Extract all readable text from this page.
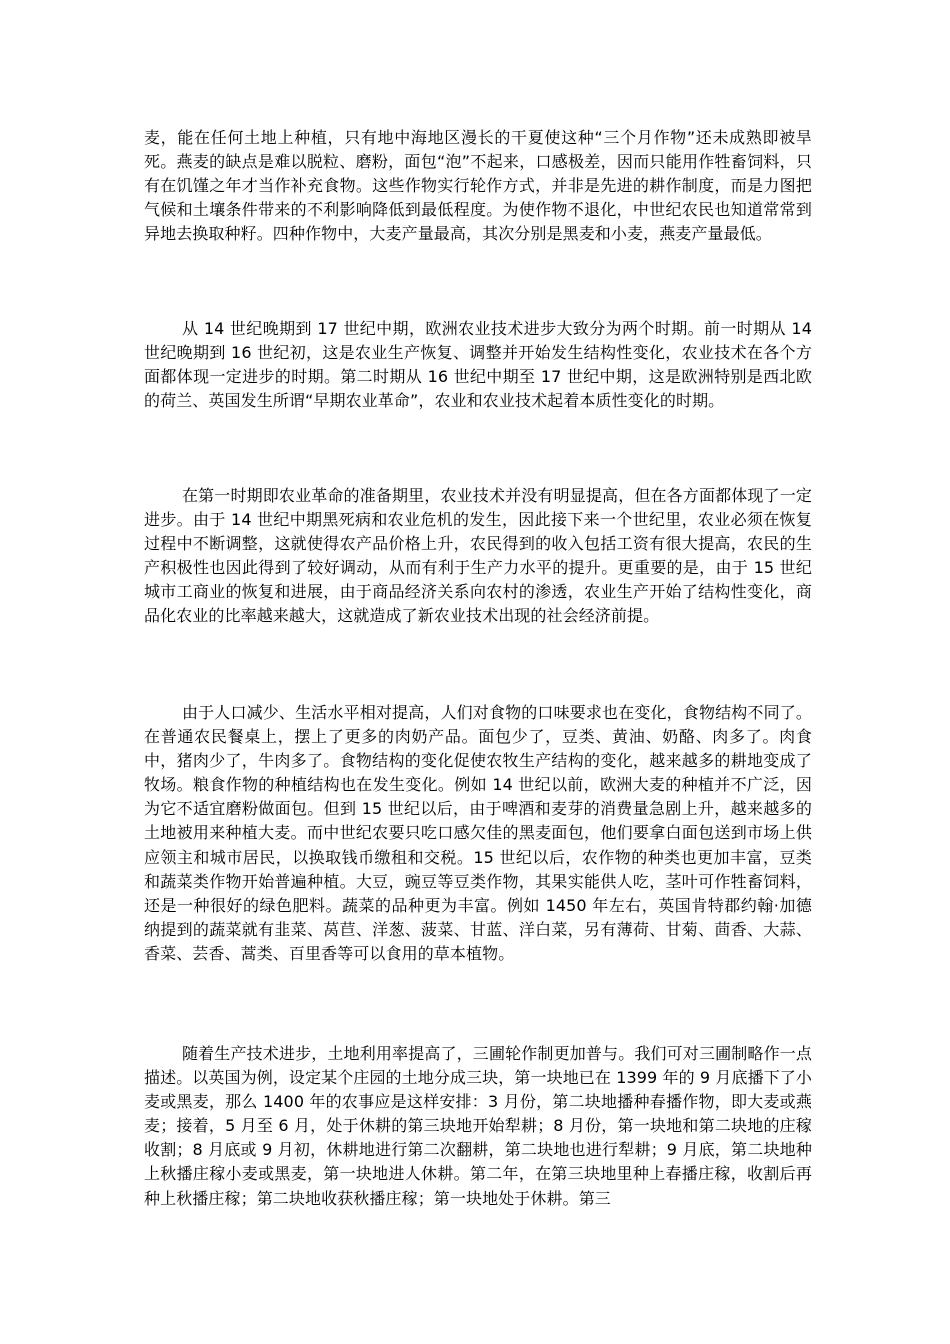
麦，能在任何土地上种植，只有地中海地区漫长的干夏使这种“三个月作物”还未成熟即被旱死。燕麦的缺点是难以脱粒、磨粉，面包“泡”不起来，口感极差，因而只能用作牲畜饲料，只有在饥馑之年才当作补充食物。这些作物实行轮作方式，并非是先进的耕作制度，而是力图把气候和土壤条件带来的不利影响降低到最低程度。为使作物不退化，中世纪农民也知道常常到异地去换取种籽。四种作物中，大麦产量最高，其次分别是黑麦和小麦，燕麦产量最低。

从 14 世纪晚期到 17 世纪中期，欧洲农业技术进步大致分为两个时期。前一时期从 14 世纪晚期到 16 世纪初，这是农业生产恢复、调整并开始发生结构性变化，农业技术在各个方面都体现一定进步的时期。第二时期从 16 世纪中期至 17 世纪中期，这是欧洲特别是西北欧的荷兰、英国发生所谓“早期农业革命”，农业和农业技术起着本质性变化的时期。

在第一时期即农业革命的准备期里，农业技术并没有明显提高，但在各方面都体现了一定进步。由于 14 世纪中期黑死病和农业危机的发生，因此接下来一个世纪里，农业必须在恢复过程中不断调整，这就使得农产品价格上升，农民得到的收入包括工资有很大提高，农民的生产积极性也因此得到了较好调动，从而有利于生产力水平的提升。更重要的是，由于 15 世纪城市工商业的恢复和进展，由于商品经济关系向农村的渗透，农业生产开始了结构性变化，商品化农业的比率越来越大，这就造成了新农业技术出现的社会经济前提。

由于人口减少、生活水平相对提高，人们对食物的口味要求也在变化，食物结构不同了。在普通农民餐桌上，摆上了更多的肉奶产品。面包少了，豆类、黄油、奶酪、肉多了。肉食中，猪肉少了，牛肉多了。食物结构的变化促使农牧生产结构的变化，越来越多的耕地变成了牧场。粮食作物的种植结构也在发生变化。例如 14 世纪以前，欧洲大麦的种植并不广泛，因为它不适宜磨粉做面包。但到 15 世纪以后，由于啤酒和麦芽的消费量急剧上升，越来越多的土地被用来种植大麦。而中世纪农要只吃口感欠佳的黑麦面包，他们要拿白面包送到市场上供应领主和城市居民，以换取钱币缴租和交税。15 世纪以后，农作物的种类也更加丰富，豆类和蔬菜类作物开始普遍种植。大豆，豌豆等豆类作物，其果实能供人吃，茎叶可作牲畜饲料，还是一种很好的绿色肥料。蔬菜的品种更为丰富。例如 1450 年左右，英国肯特郡约翰·加德纳提到的蔬菜就有韭菜、莴苣、洋葱、菠菜、甘蓝、洋白菜，另有薄荷、甘菊、茴香、大蒜、香菜、芸香、蒿类、百里香等可以食用的草本植物。

随着生产技术进步，土地利用率提高了，三圃轮作制更加普与。我们可对三圃制略作一点描述。以英国为例，设定某个庄园的土地分成三块，第一块地已在 1399 年的 9 月底播下了小麦或黑麦，那么 1400 年的农事应是这样安排：3 月份，第二块地播种春播作物，即大麦或燕麦；接着，5 月至 6 月，处于休耕的第三块地开始犁耕；8 月份，第一块地和第二块地的庄稼收割；8 月底或 9 月初，休耕地进行第二次翻耕，第二块地也进行犁耕；9 月底，第二块地种上秋播庄稼小麦或黑麦，第一块地进人休耕。第二年，在第三块地里种上春播庄稼，收割后再种上秋播庄稼；第二块地收获秋播庄稼；第一块地处于休耕。第三
